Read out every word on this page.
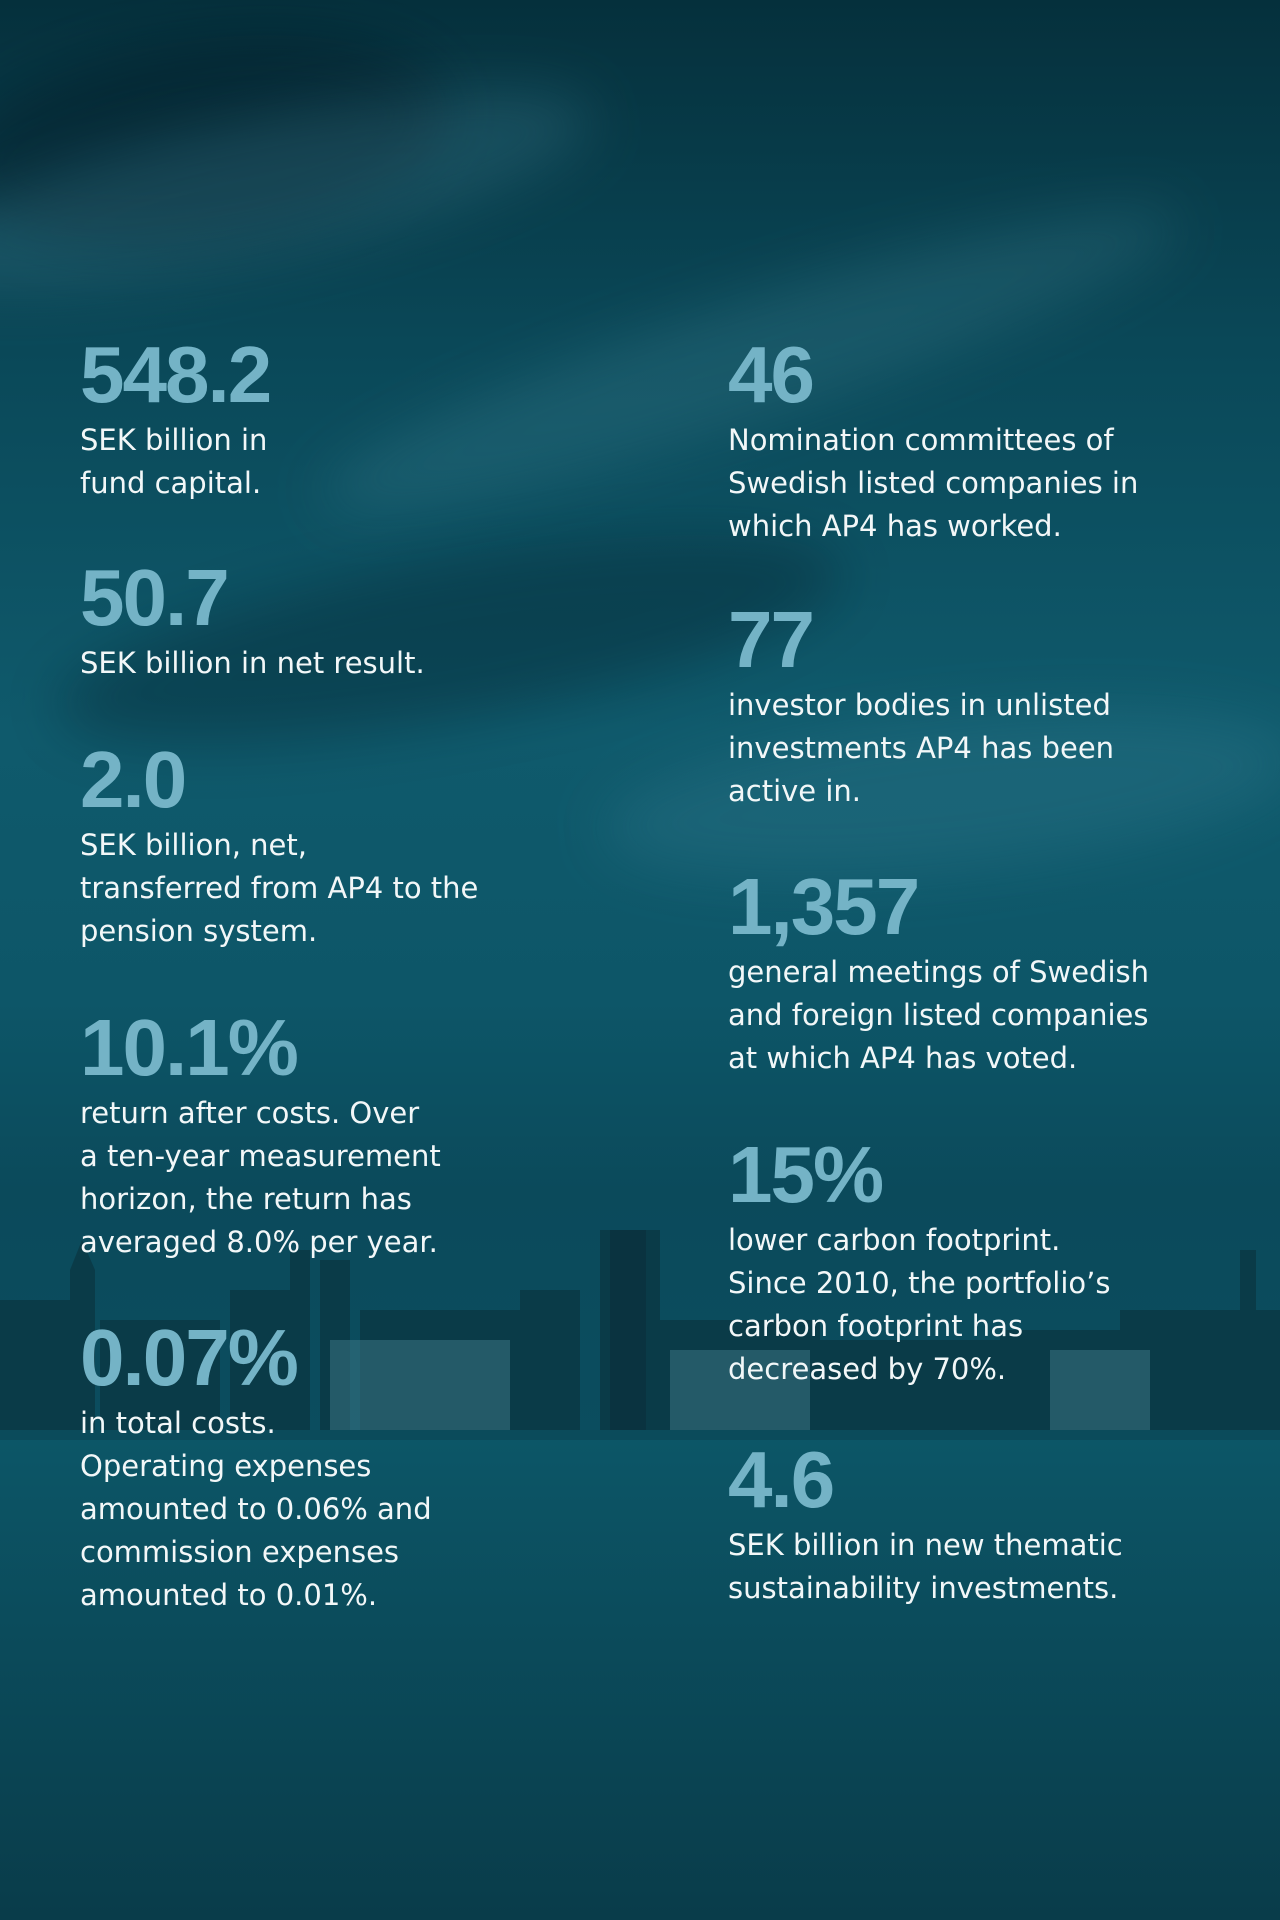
548.2
SEK billion in
fund capital.
46
Nomination committees of
Swedish listed companies in
which AP4 has worked.
50.7
SEK billion in net result.	77
investor bodies in unlisted
investments AP4 has been
active in.
2.0
SEK billion, net,
transferred from AP4 to the
pension system.	1,357
general meetings of Swedish
and foreign listed companies
at which AP4 has voted.
10.1%
return after costs. Over
a ten-year measurement
horizon, the return has
averaged 8.0% per year.
15%
lower carbon footprint.
Since 2010, the portfolio’s
carbon footprint has
decreased by 70%.
0.07%
in total costs.
Operating expenses
amounted to 0.06% and
commission expenses
amounted to 0.01%.
4.6
SEK billion in new thematic
sustainability investments.
